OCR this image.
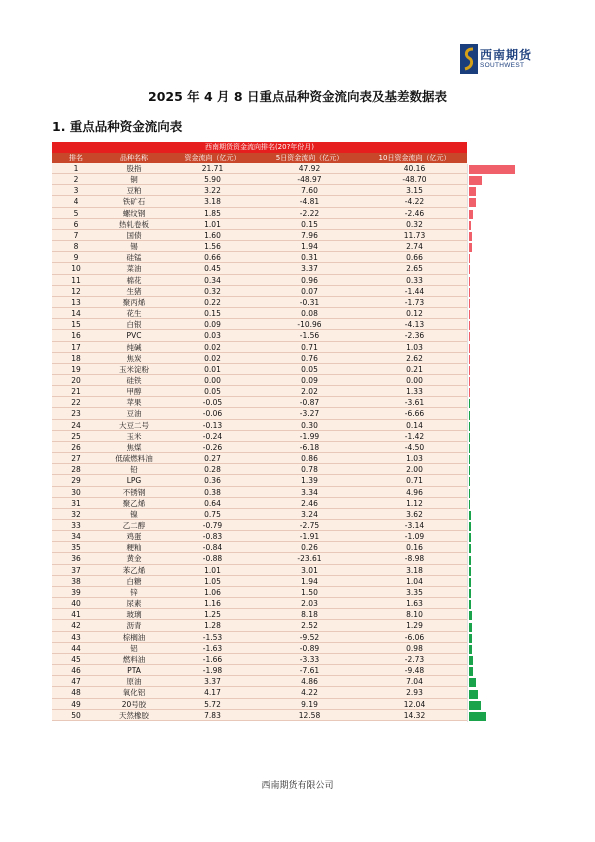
西南期货
SOUTHWEST
2025 年 4 月 8 日重点品种资金流向表及基差数据表
1. 重点品种资金流向表
西南期货资金流向排名(20?年份月)
排名	品种名称	资金流向（亿元）	5日资金流向（亿元）	10日资金流向（亿元）
1	股指	21.71	47.92	40.16
2	铜	5.90	-48.97	-48.70
3	豆粕	3.22	7.60	3.15
4	铁矿石	3.18	-4.81	-4.22
5	螺纹钢	1.85	-2.22	-2.46
6	热轧卷板	1.01	0.15	0.32
7	国债	1.60	7.96	11.73
8	锡	1.56	1.94	2.74
9	硅锰	0.66	0.31	0.66
10	菜油	0.45	3.37	2.65
11	棉花	0.34	0.96	0.33
12	生猪	0.32	0.07	-1.44
13	聚丙烯	0.22	-0.31	-1.73
14	花生	0.15	0.08	0.12
15	白银	0.09	-10.96	-4.13
16	PVC	0.03	-1.56	-2.36
17	纯碱	0.02	0.71	1.03
18	焦炭	0.02	0.76	2.62
19	玉米淀粉	0.01	0.05	0.21
20	硅铁	0.00	0.09	0.00
21	甲醇	0.05	2.02	1.33
22	苹果	-0.05	-0.87	-3.61
23	豆油	-0.06	-3.27	-6.66
24	大豆二号	-0.13	0.30	0.14
25	玉米	-0.24	-1.99	-1.42
26	焦煤	-0.26	-6.18	-4.50
27	低硫燃料油	0.27	0.86	1.03
28	铅	0.28	0.78	2.00
29	LPG	0.36	1.39	0.71
30	不锈钢	0.38	3.34	4.96
31	聚乙烯	0.64	2.46	1.12
32	镍	0.75	3.24	3.62
33	乙二醇	-0.79	-2.75	-3.14
34	鸡蛋	-0.83	-1.91	-1.09
35	粳籼	-0.84	0.26	0.16
36	黄金	-0.88	-23.61	-8.98
37	苯乙烯	1.01	3.01	3.18
38	白糖	1.05	1.94	1.04
39	锌	1.06	1.50	3.35
40	尿素	1.16	2.03	1.63
41	玻璃	1.25	8.18	8.10
42	沥青	1.28	2.52	1.29
43	棕榈油	-1.53	-9.52	-6.06
44	铝	-1.63	-0.89	0.98
45	燃料油	-1.66	-3.33	-2.73
46	PTA	-1.98	-7.61	-9.48
47	原油	3.37	4.86	7.04
48	氧化铝	4.17	4.22	2.93
49	20号胶	5.72	9.19	12.04
50	天然橡胶	7.83	12.58	14.32
西南期货有限公司
